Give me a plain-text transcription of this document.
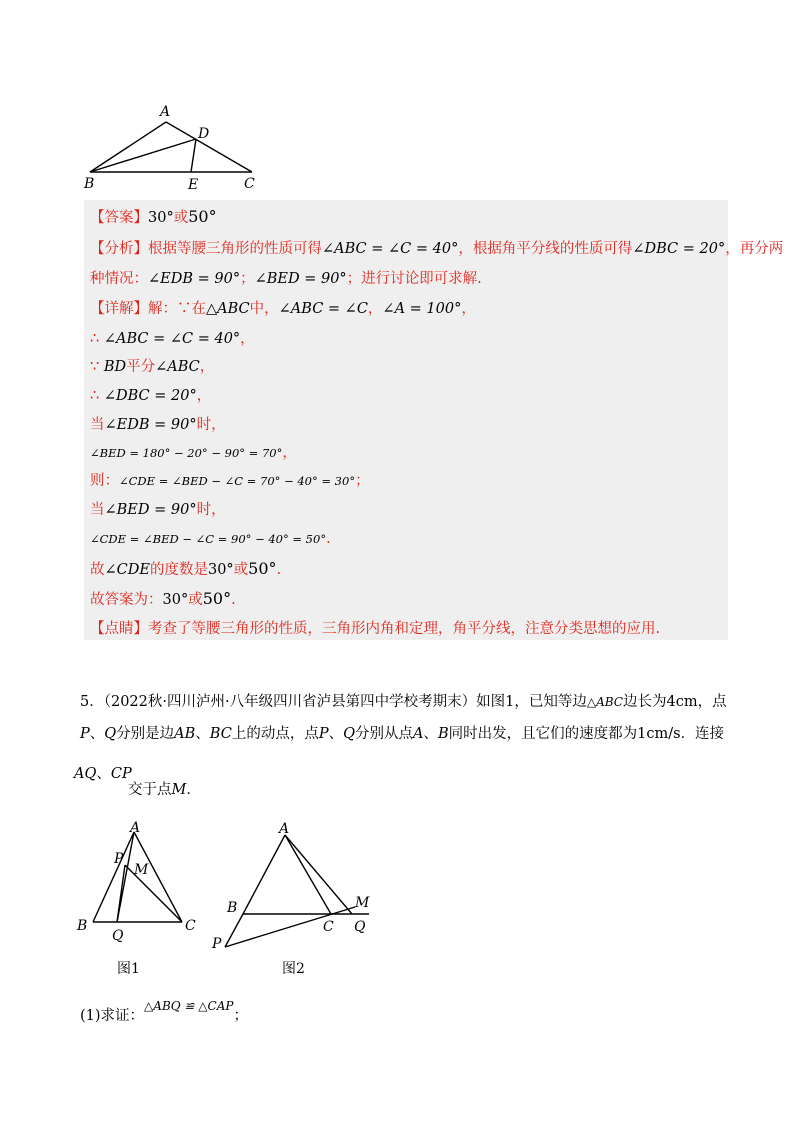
A
D
B	E	C
【答案】30°或50°
【分析】根据等腰三角形的性质可得∠ABC = ∠C = 40°，根据角平分线的性质可得∠DBC = 20°，再分两
种情况：∠EDB = 90°；∠BED = 90°；进行讨论即可求解.
【详解】解：∵在△ABC中，∠ABC = ∠C，∠A = 100°，
∴ ∠ABC = ∠C = 40°，
∵ BD平分∠ABC，
∴ ∠DBC = 20°，
当∠EDB = 90°时，
∠BED = 180° − 20° − 90° = 70°，
则：∠CDE = ∠BED − ∠C = 70° − 40° = 30°；
当∠BED = 90°时，
∠CDE = ∠BED − ∠C = 90° − 40° = 50°.
故∠CDE的度数是30°或50°.
故答案为：30°或50°.
【点睛】考查了等腰三角形的性质，三角形内角和定理，角平分线，注意分类思想的应用.
5．（2022秋·四川泸州·八年级四川省泸县第四中学校考期末）如图1，已知等边△ABC边长为4cm，点
P、Q分别是边AB、BC上的动点，点P、Q分别从点A、B同时出发，且它们的速度都为1cm/s．连接
AQ、CP
交于点M．
A
P
M
B
Q
C
图1
A
B	M
C Q
P
图2
(1)求证：$^{\triangle ABQ ≌ \triangle CAP}$；
